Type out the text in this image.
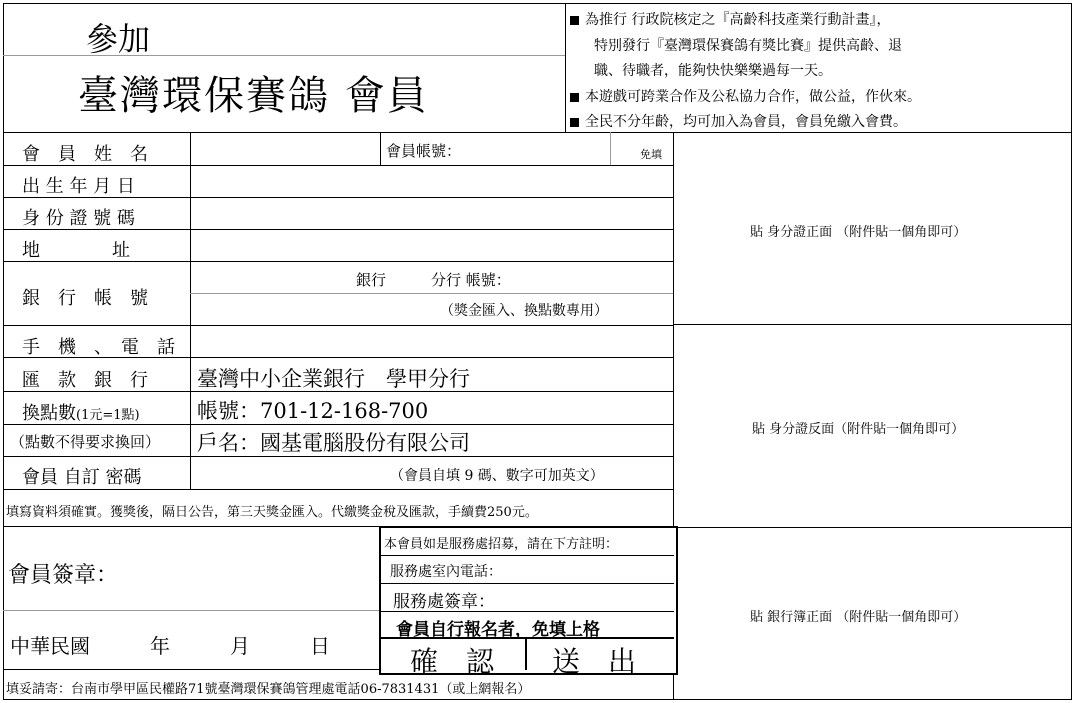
參加
臺灣環保賽鴿 會員
為推行 行政院核定之『高齡科技產業行動計畫』，
特別發行『臺灣環保賽鴿有獎比賽』提供高齡、退
職、待職者，能夠快快樂樂過每一天。
本遊戲可跨業合作及公私協力合作，做公益，作伙來。
全民不分年齡，均可加入為會員，會員免繳入會費。
會　員　姓　名	會員帳號：	免填
出 生 年 月 日
身 份 證 號 碼
地　　　　址
銀　行　帳　號
銀行　　　分行 帳號：
（獎金匯入、換點數專用）
手　機　、　電　話
匯　款　銀　行 臺灣中小企業銀行　學甲分行
換點數(1元=1點)	帳號：701-12-168-700
（點數不得要求換回） 戶名：國基電腦股份有限公司
會員 自訂 密碼	（會員自填 9 碼、數字可加英文）
填寫資料須確實。獲獎後，隔日公告，第三天獎金匯入。代繳獎金稅及匯款，手續費250元。
會員簽章：
中華民國　　　年　　　月　　　日
本會員如是服務處招募，請在下方註明：
服務處室內電話：
服務處簽章：
會員自行報名者，免填上格
確　認 送　出
填妥請寄：台南市學甲區民權路71號臺灣環保賽鴿管理處電話06-7831431（或上網報名）
貼 身分證正面 （附件貼一個角即可）
貼 身分證反面（附件貼一個角即可）
貼 銀行簿正面 （附件貼一個角即可）
